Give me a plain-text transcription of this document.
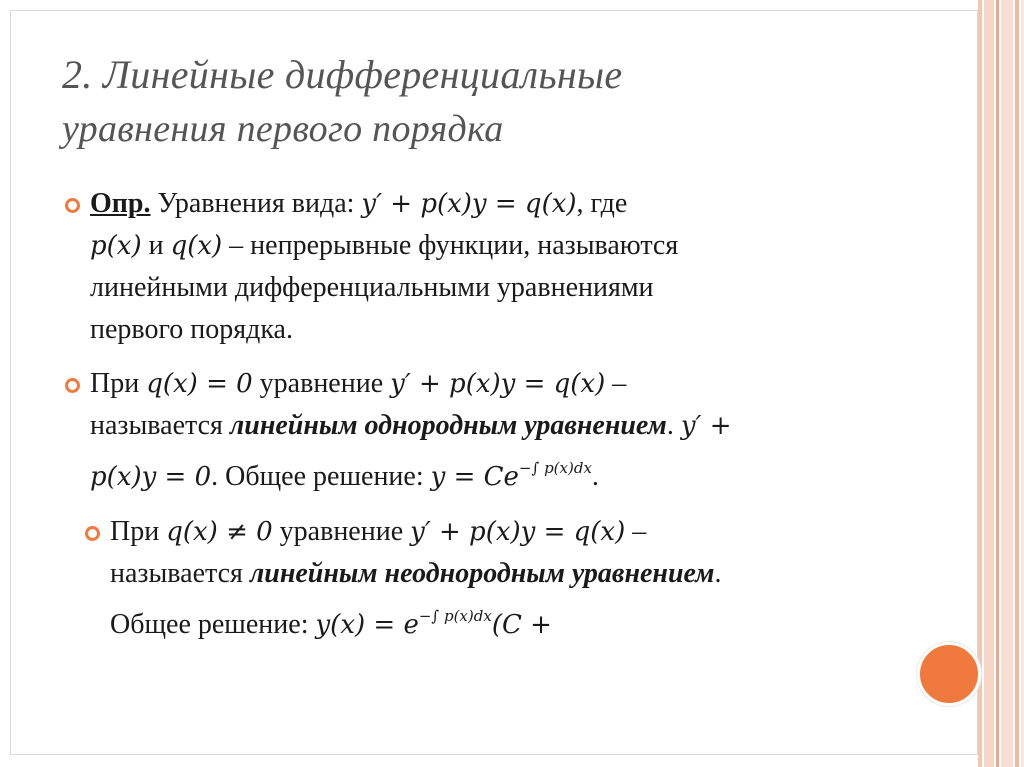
2. Линейные дифференциальные
уравнения первого порядка
Опр. Уравнения вида: y′ + p(x)y = q(x), где
p(x) и q(x) – непрерывные функции, называются
линейными дифференциальными уравнениями
первого порядка.
При q(x) = 0 уравнение y′ + p(x)y = q(x) –
называется линейным однородным уравнением. y′ +
p(x)y = 0. Общее решение: $y = Ce^{-\int p(x)dx}$.
При q(x) ≠ 0 уравнение y′ + p(x)y = q(x) –
называется линейным неоднородным уравнением.
Общее решение: $y(x) = e^{-\int p(x)dx}(C$ +
